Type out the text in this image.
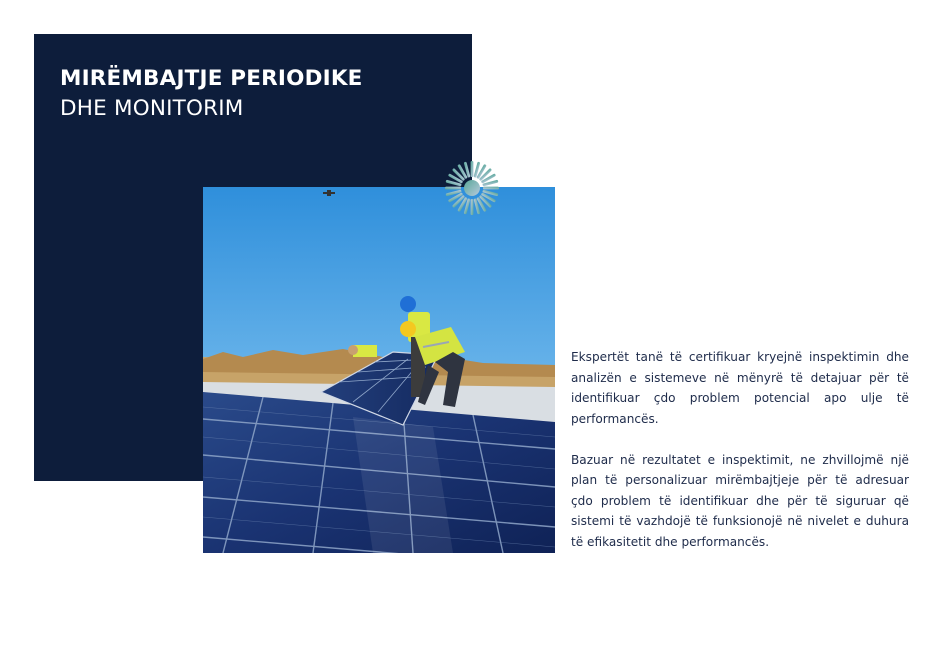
MIRËMBAJTJE PERIODIKE
DHE MONITORIM

Ekspertët tanë të certifikuar kryejnë inspektimin dhe analizën e sistemeve në mënyrë të detajuar për të identifikuar çdo problem potencial apo ulje të performancës.

Bazuar në rezultatet e inspektimit, ne zhvillojmë një plan të personalizuar mirëmbajtjeje për të adresuar çdo problem të identifikuar dhe për të siguruar që sistemi të vazhdojë të funksionojë në nivelet e duhura të efikasitetit dhe performancës.
